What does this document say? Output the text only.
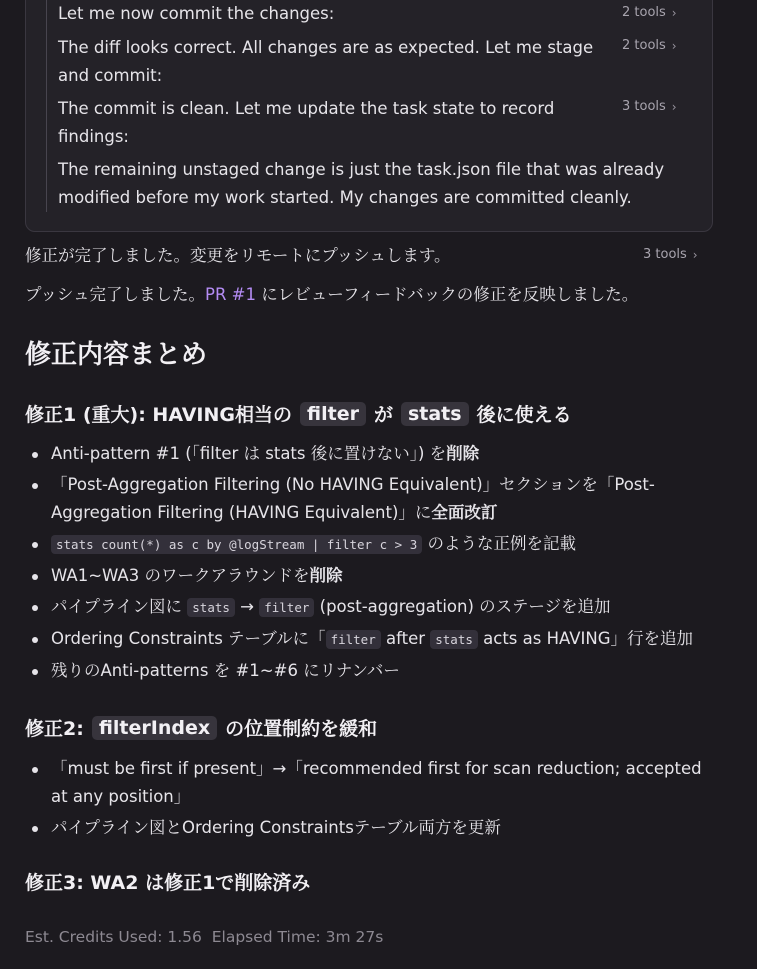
Let me now commit the changes:	2 tools ›
The diff looks correct. All changes are as expected. Let me stage and commit:
2 tools ›
The commit is clean. Let me update the task state to record findings:
3 tools ›
The remaining unstaged change is just the task.json file that was already modified before my work started. My changes are committed cleanly.
修正が完了しました。変更をリモートにプッシュします。	3 tools ›
プッシュ完了しました。PR #1 にレビューフィードバックの修正を反映しました。
修正内容まとめ
修正1 (重大): HAVING相当の filter が stats 後に使える
Anti-pattern #1 (「filter は stats 後に置けない」) を削除
「Post-Aggregation Filtering (No HAVING Equivalent)」セクションを「Post-Aggregation Filtering (HAVING Equivalent)」に全面改訂
stats count(*) as c by @logStream | filter c > 3 のような正例を記載
WA1~WA3 のワークアラウンドを削除
パイプライン図に stats → filter (post-aggregation) のステージを追加
Ordering Constraints テーブルに「 filter after stats acts as HAVING」行を追加
残りのAnti-patterns を #1~#6 にリナンバー
修正2: filterIndex の位置制約を緩和
「must be first if present」→「recommended first for scan reduction; accepted at any position」
パイプライン図とOrdering Constraintsテーブル両方を更新
修正3: WA2 は修正1で削除済み
Est. Credits Used: 1.56 Elapsed Time: 3m 27s
